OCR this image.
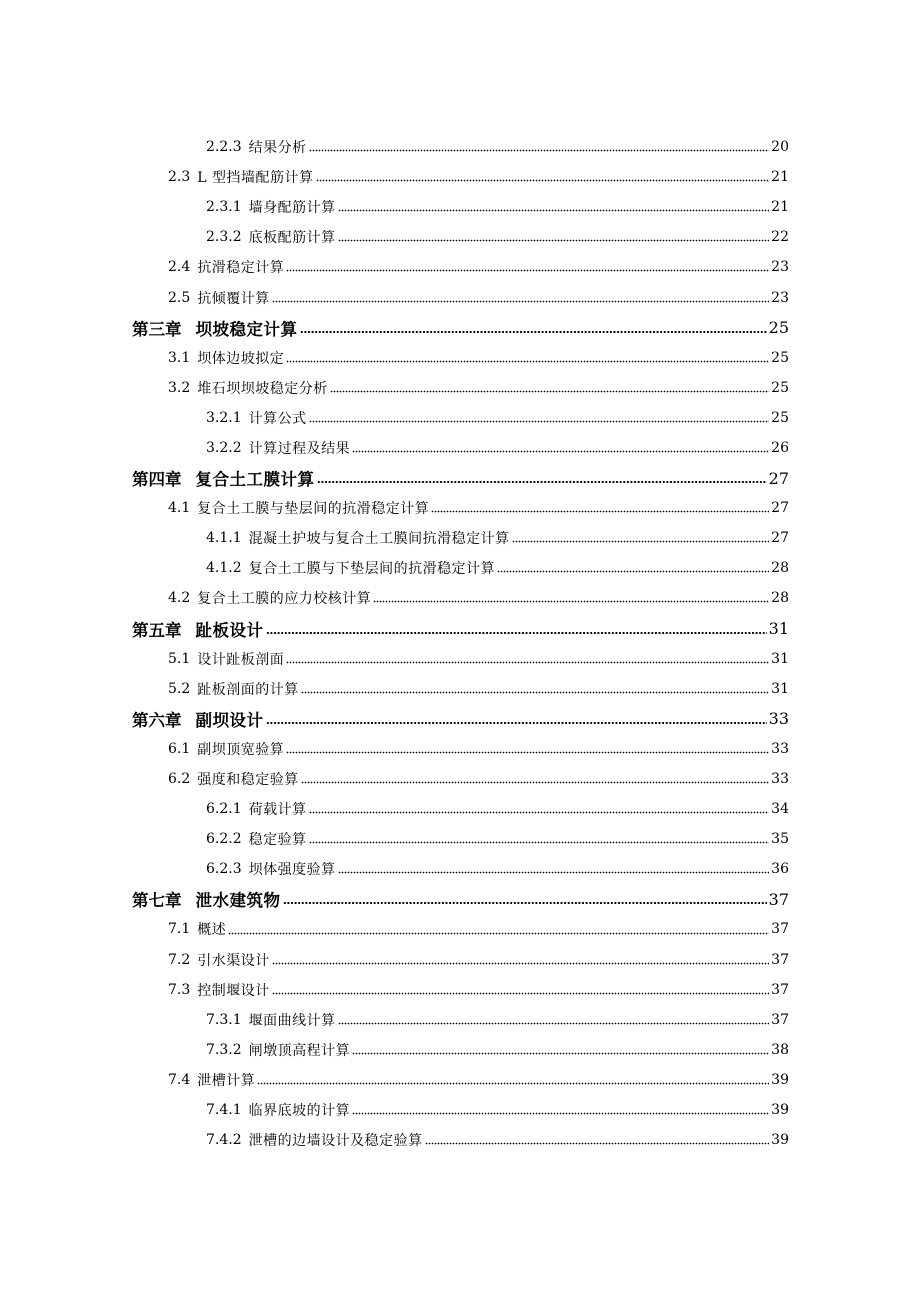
2.2.3 结果分析	20
2.3 L 型挡墙配筋计算	21
2.3.1 墙身配筋计算	21
2.3.2 底板配筋计算	22
2.4 抗滑稳定计算	23
2.5 抗倾覆计算	23
第三章 坝坡稳定计算	25
3.1 坝体边坡拟定	25
3.2 堆石坝坝坡稳定分析	25
3.2.1 计算公式	25
3.2.2 计算过程及结果	26
第四章 复合土工膜计算	27
4.1 复合土工膜与垫层间的抗滑稳定计算	27
4.1.1 混凝土护坡与复合土工膜间抗滑稳定计算	27
4.1.2 复合土工膜与下垫层间的抗滑稳定计算	28
4.2 复合土工膜的应力校核计算	28
第五章 趾板设计	31
5.1 设计趾板剖面	31
5.2 趾板剖面的计算	31
第六章 副坝设计	33
6.1 副坝顶宽验算	33
6.2 强度和稳定验算	33
6.2.1 荷载计算	34
6.2.2 稳定验算	35
6.2.3 坝体强度验算	36
第七章 泄水建筑物	37
7.1 概述	37
7.2 引水渠设计	37
7.3 控制堰设计	37
7.3.1 堰面曲线计算	37
7.3.2 闸墩顶高程计算	38
7.4 泄槽计算	39
7.4.1 临界底坡的计算	39
7.4.2 泄槽的边墙设计及稳定验算	39
